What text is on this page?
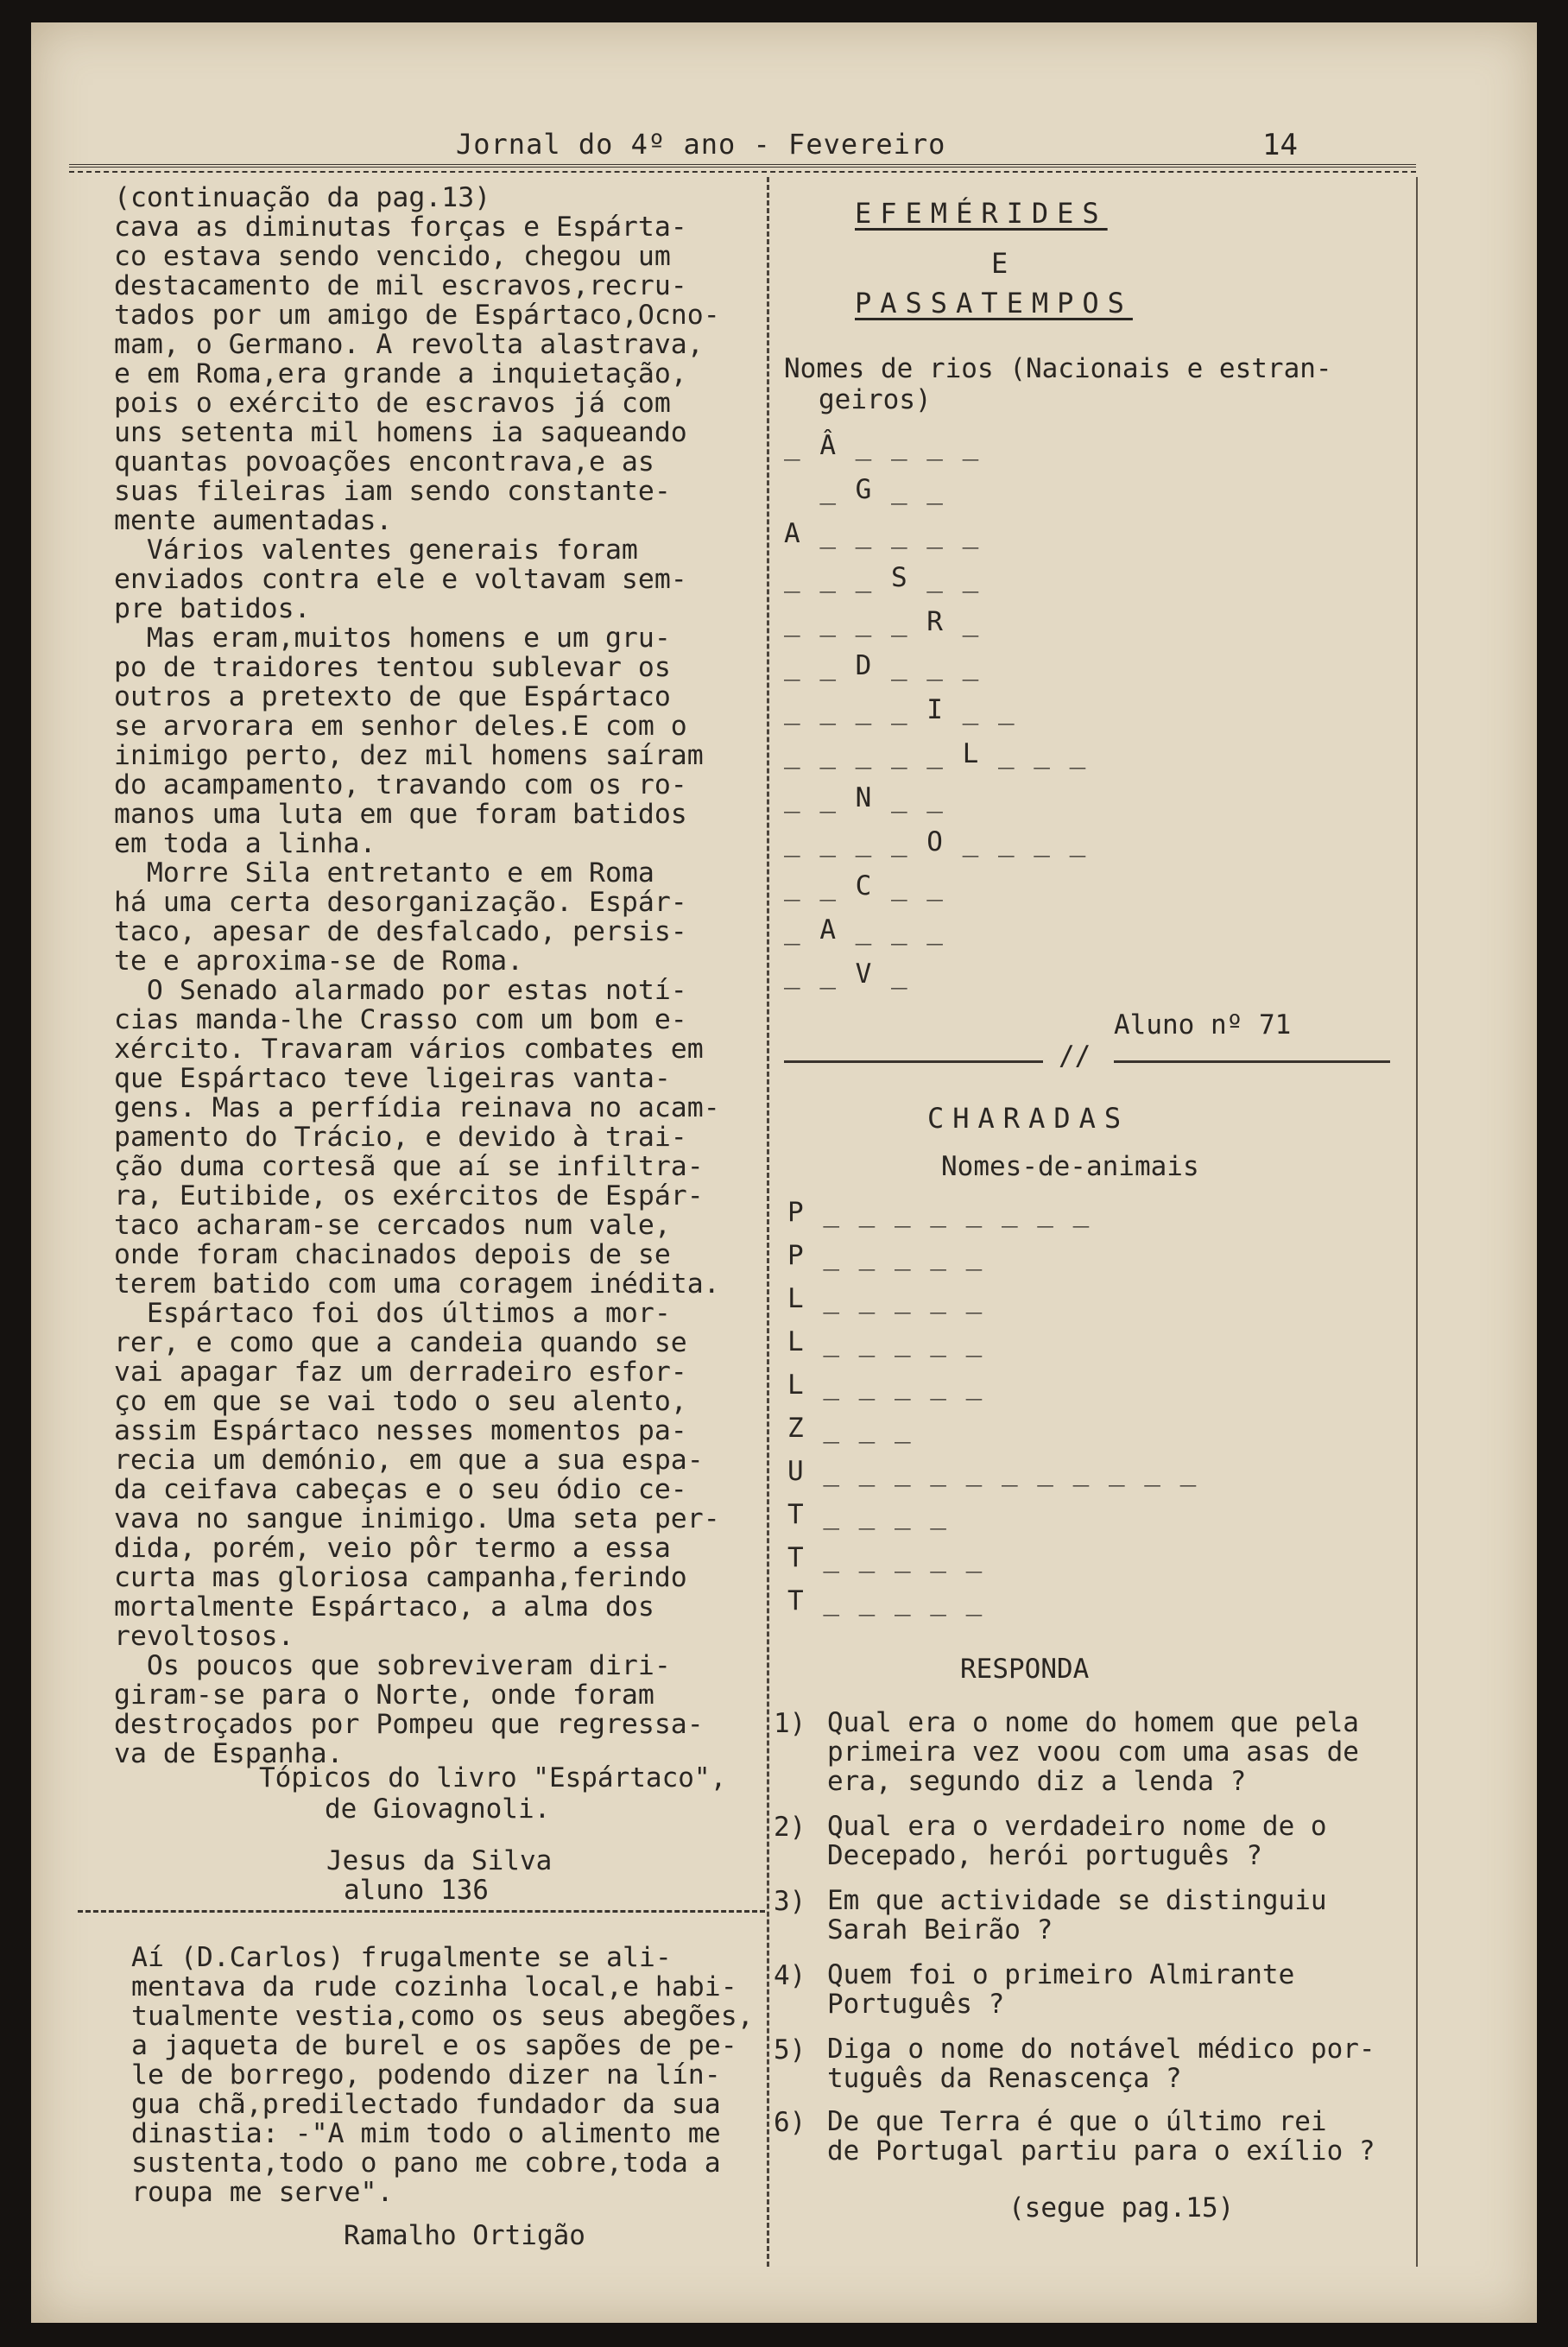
Jornal do 4º ano - Fevereiro	14
(continuação da pag.13)
cava as diminutas forças e Espárta-
co estava sendo vencido, chegou um
destacamento de mil escravos,recru-
tados por um amigo de Espártaco,Ocno-
mam, o Germano. A revolta alastrava,
e em Roma,era grande a inquietação,
pois o exército de escravos já com
uns setenta mil homens ia saqueando
quantas povoações encontrava,e as
suas fileiras iam sendo constante-
mente aumentadas.
Vários valentes generais foram
enviados contra ele e voltavam sem-
pre batidos.
Mas eram,muitos homens e um gru-
po de traidores tentou sublevar os
outros a pretexto de que Espártaco
se arvorara em senhor deles.E com o
inimigo perto, dez mil homens saíram
do acampamento, travando com os ro-
manos uma luta em que foram batidos
em toda a linha.
Morre Sila entretanto e em Roma
há uma certa desorganização. Espár-
taco, apesar de desfalcado, persis-
te e aproxima-se de Roma.
O Senado alarmado por estas notí-
cias manda-lhe Crasso com um bom e-
xército. Travaram vários combates em
que Espártaco teve ligeiras vanta-
gens. Mas a perfídia reinava no acam-
pamento do Trácio, e devido à trai-
ção duma cortesã que aí se infiltra-
ra, Eutibide, os exércitos de Espár-
taco acharam-se cercados num vale,
onde foram chacinados depois de se
terem batido com uma coragem inédita.
Espártaco foi dos últimos a mor-
rer, e como que a candeia quando se
vai apagar faz um derradeiro esfor-
ço em que se vai todo o seu alento,
assim Espártaco nesses momentos pa-
recia um demónio, em que a sua espa-
da ceifava cabeças e o seu ódio ce-
vava no sangue inimigo. Uma seta per-
dida, porém, veio pôr termo a essa
curta mas gloriosa campanha,ferindo
mortalmente Espártaco, a alma dos
revoltosos.
Os poucos que sobreviveram diri-
giram-se para o Norte, onde foram
destroçados por Pompeu que regressa-
va de Espanha.
Tópicos do livro "Espártaco",
de Giovagnoli.
Jesus da Silva
aluno 136
Aí (D.Carlos) frugalmente se ali-
mentava da rude cozinha local,e habi-
tualmente vestia,como os seus abegões,
a jaqueta de burel e os sapões de pe-
le de borrego, podendo dizer na lín-
gua chã,predilectado fundador da sua
dinastia: -"A mim todo o alimento me
sustenta,todo o pano me cobre,toda a
roupa me serve".
Ramalho Ortigão
EFEMÉRIDES
E
PASSATEMPOS
Nomes de rios (Nacionais e estran-
geiros)
_ Â _ _ _ _
_ G _ _
A _ _ _ _ _
_ _ _ S _ _
_ _ _ _ R _
_ _ D _ _ _
_ _ _ _ I _ _
_ _ _ _ _ L _ _ _
_ _ N _ _
_ _ _ _ O _ _ _ _
_ _ C _ _
_ A _ _ _
_ _ V _
Aluno nº 71
//
CHARADAS
Nomes-de-animais
P _ _ _ _ _ _ _ _
P _ _ _ _ _
L _ _ _ _ _
L _ _ _ _ _
L _ _ _ _ _
Z _ _ _
U _ _ _ _ _ _ _ _ _ _ _
T _ _ _ _
T _ _ _ _ _
T _ _ _ _ _
RESPONDA
1) Qual era o nome do homem que pela
primeira vez voou com uma asas de
era, segundo diz a lenda ?
2) Qual era o verdadeiro nome de o
Decepado, herói português ?
3) Em que actividade se distinguiu
Sarah Beirão ?
4) Quem foi o primeiro Almirante
Português ?
5) Diga o nome do notável médico por-
tuguês da Renascença ?
6) De que Terra é que o último rei
de Portugal partiu para o exílio ?
(segue pag.15)
